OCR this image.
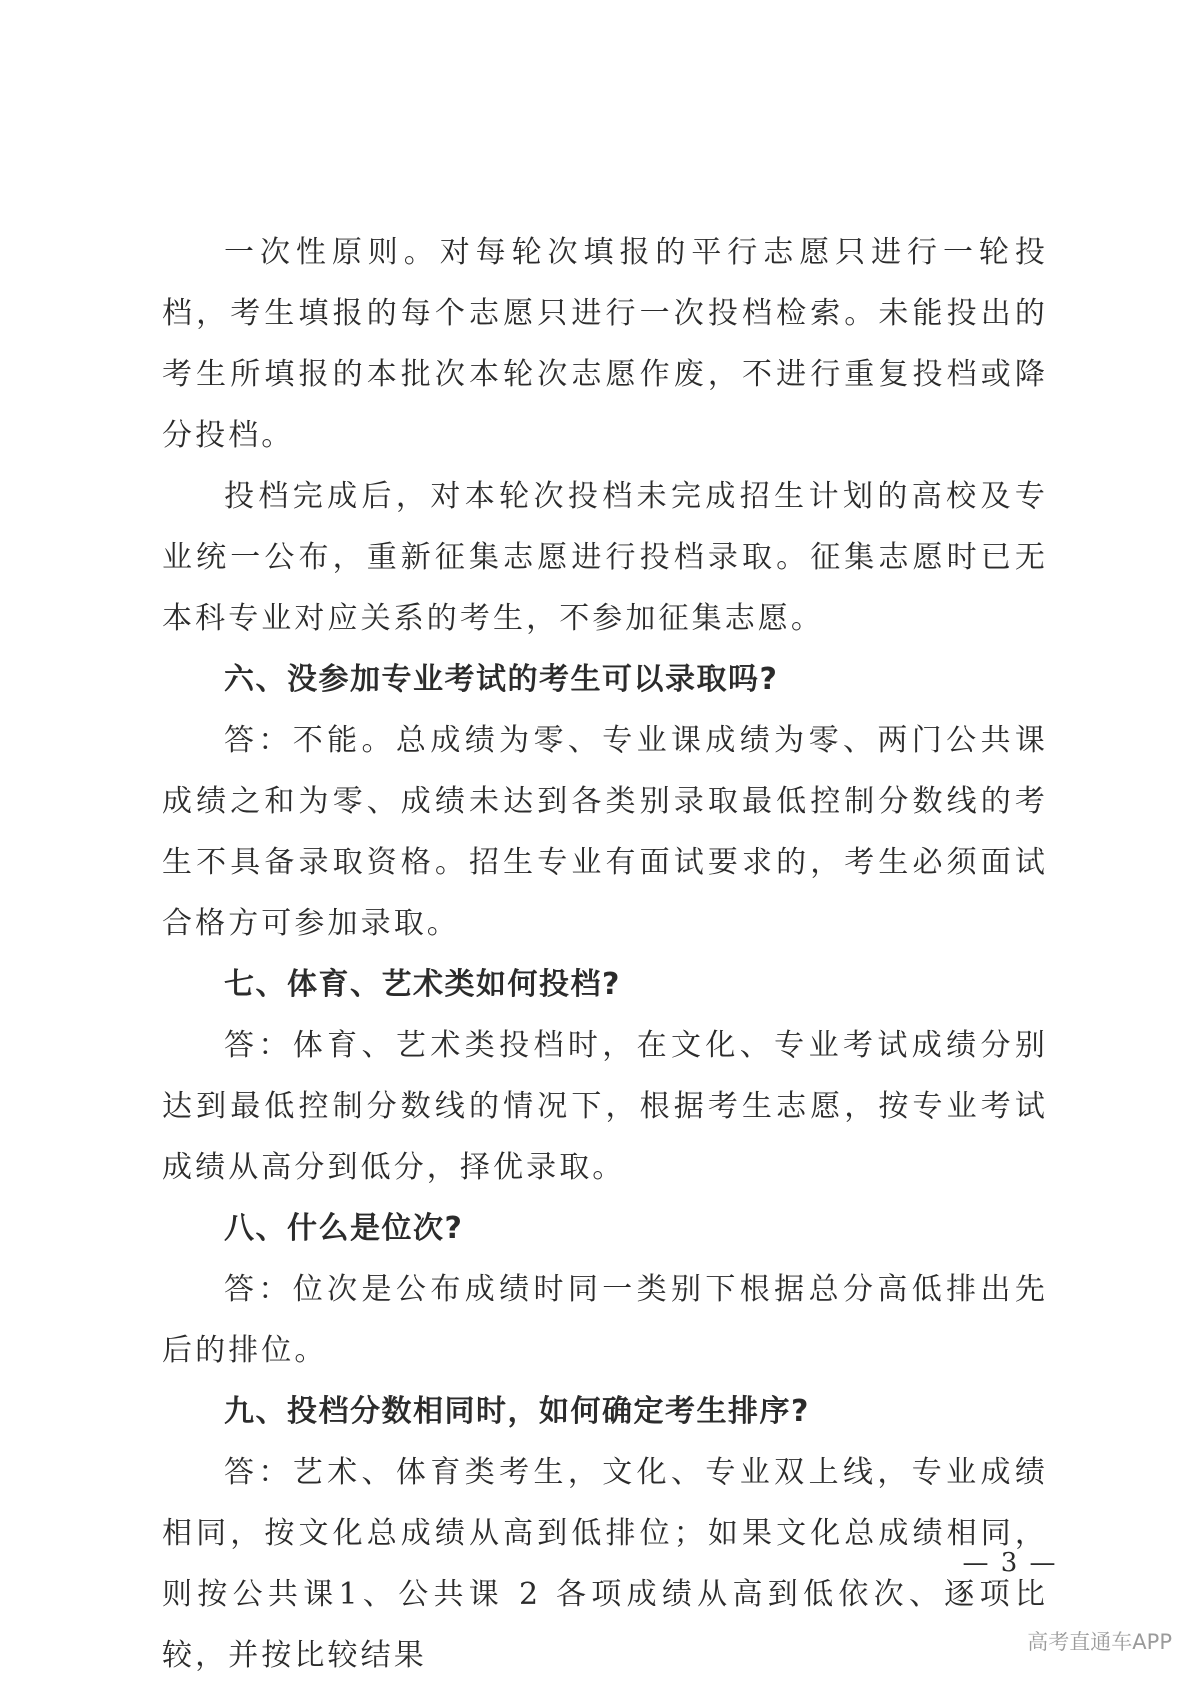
一次性原则。对每轮次填报的平行志愿只进行一轮投档，考生填报的每个志愿只进行一次投档检索。未能投出的考生所填报的本批次本轮次志愿作废，不进行重复投档或降分投档。

投档完成后，对本轮次投档未完成招生计划的高校及专业统一公布，重新征集志愿进行投档录取。征集志愿时已无本科专业对应关系的考生，不参加征集志愿。

六、没参加专业考试的考生可以录取吗?

答：不能。总成绩为零、专业课成绩为零、两门公共课成绩之和为零、成绩未达到各类别录取最低控制分数线的考生不具备录取资格。招生专业有面试要求的，考生必须面试合格方可参加录取。

七、体育、艺术类如何投档?

答：体育、艺术类投档时，在文化、专业考试成绩分别达到最低控制分数线的情况下，根据考生志愿，按专业考试成绩从高分到低分，择优录取。

八、什么是位次?

答：位次是公布成绩时同一类别下根据总分高低排出先后的排位。

九、投档分数相同时，如何确定考生排序?

答：艺术、体育类考生，文化、专业双上线，专业成绩相同，按文化总成绩从高到低排位；如果文化总成绩相同，则按公共课1、公共课 2 各项成绩从高到低依次、逐项比较，并按比较结果

— 3 —
高考直通车APP
